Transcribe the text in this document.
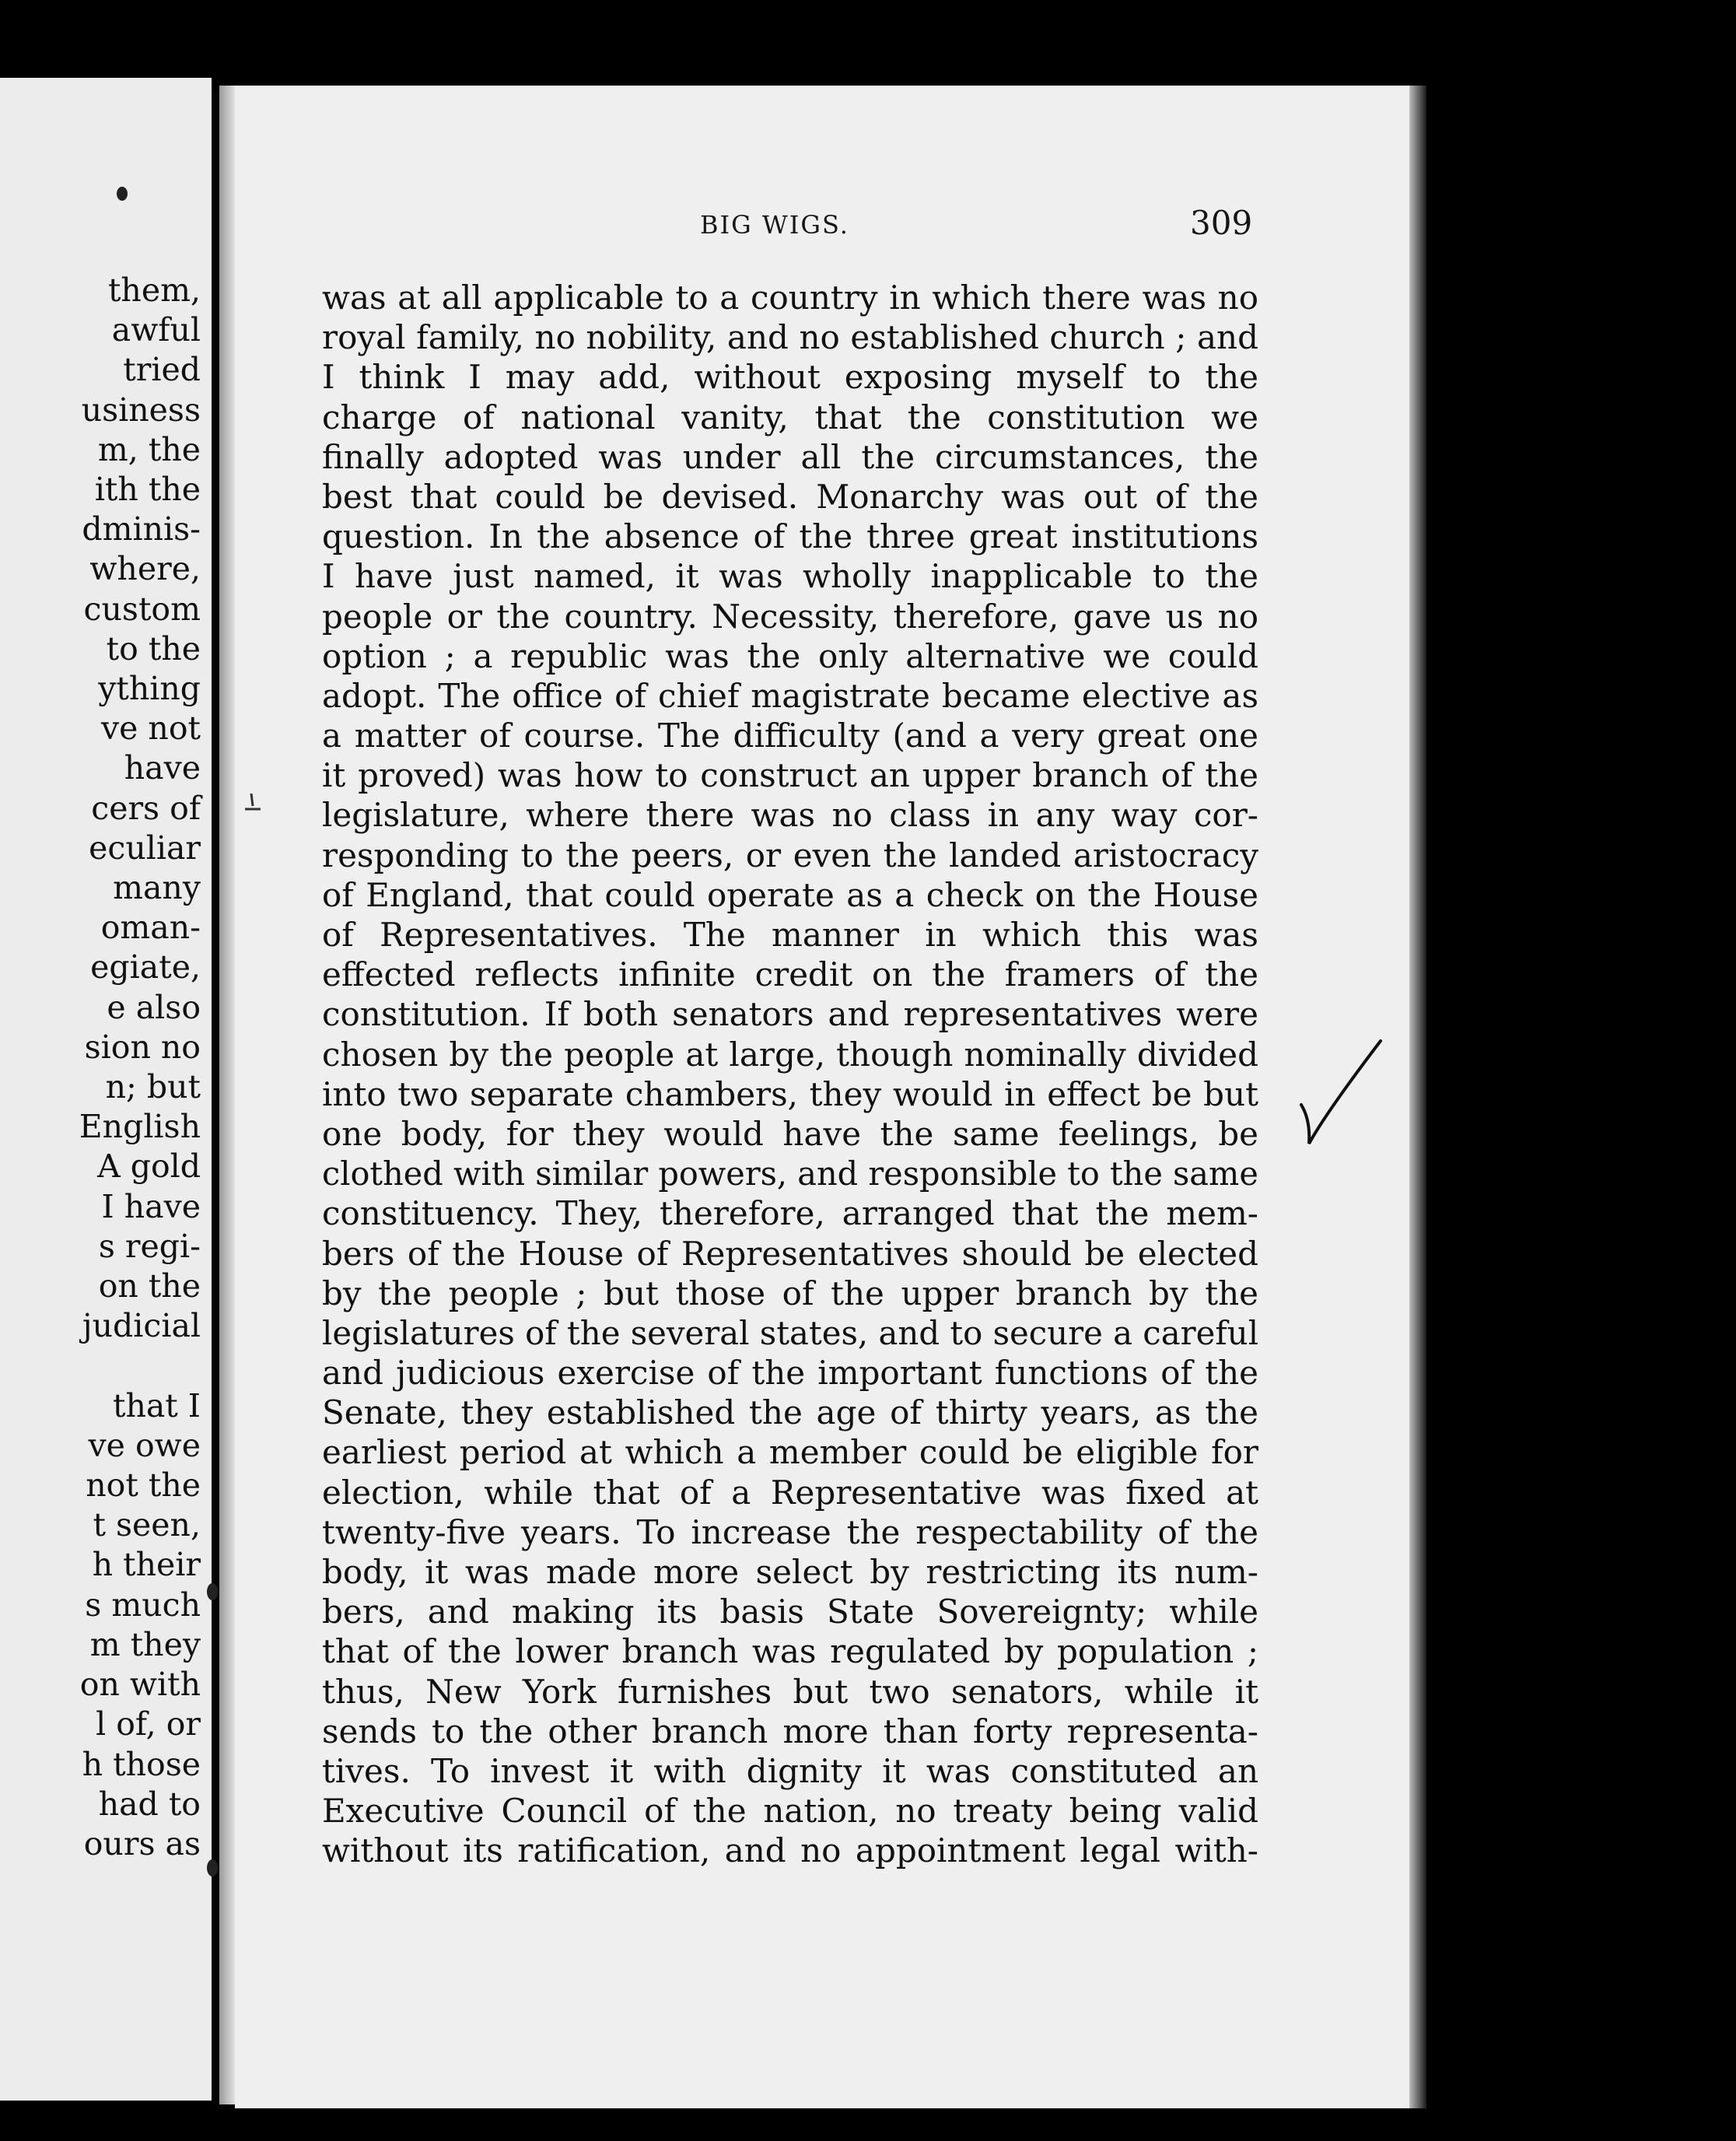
them,
awful
tried
usiness
m, the
ith the
dminis-
where,
custom
to the
ything
ve not
have
cers of
eculiar
many
oman-
egiate,
e also
sion no
n; but
English
A gold
I have
s regi-
on the
judicial
that I
ve owe
not the
t seen,
h their
s much
m they
on with
l of, or
h those
had to
ours as
BIG WIGS.	309
was at all applicable to a country in which there was no
royal family, no nobility, and no established church ; and
I think I may add, without exposing myself to the
charge of national vanity, that the constitution we
finally adopted was under all the circumstances, the
best that could be devised. Monarchy was out of the
question. In the absence of the three great institutions
I have just named, it was wholly inapplicable to the
people or the country. Necessity, therefore, gave us no
option ; a republic was the only alternative we could
adopt. The office of chief magistrate became elective as
a matter of course. The difficulty (and a very great one
it proved) was how to construct an upper branch of the
legislature, where there was no class in any way cor-
responding to the peers, or even the landed aristocracy
of England, that could operate as a check on the House
of Representatives. The manner in which this was
effected reflects infinite credit on the framers of the
constitution. If both senators and representatives were
chosen by the people at large, though nominally divided
into two separate chambers, they would in effect be but
one body, for they would have the same feelings, be
clothed with similar powers, and responsible to the same
constituency. They, therefore, arranged that the mem-
bers of the House of Representatives should be elected
by the people ; but those of the upper branch by the
legislatures of the several states, and to secure a careful
and judicious exercise of the important functions of the
Senate, they established the age of thirty years, as the
earliest period at which a member could be eligible for
election, while that of a Representative was fixed at
twenty-five years. To increase the respectability of the
body, it was made more select by restricting its num-
bers, and making its basis State Sovereignty; while
that of the lower branch was regulated by population ;
thus, New York furnishes but two senators, while it
sends to the other branch more than forty representa-
tives. To invest it with dignity it was constituted an
Executive Council of the nation, no treaty being valid
without its ratification, and no appointment legal with-
